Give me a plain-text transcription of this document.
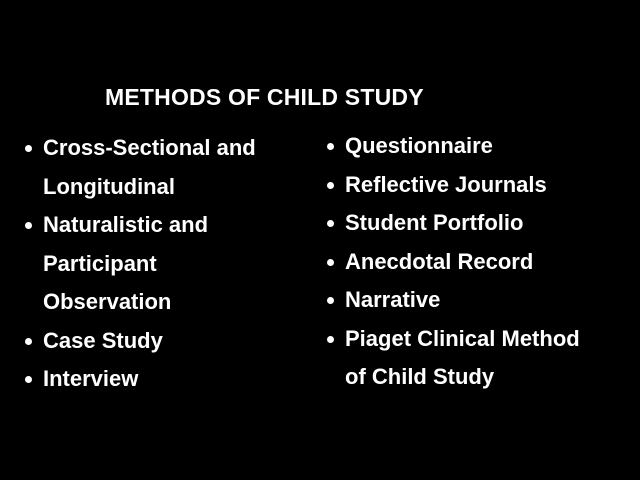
METHODS OF CHILD STUDY
Cross-Sectional and
Longitudinal
Naturalistic and
Participant
Observation
Case Study
Interview
Questionnaire
Reflective Journals
Student Portfolio
Anecdotal Record
Narrative
Piaget Clinical Method
of Child Study
